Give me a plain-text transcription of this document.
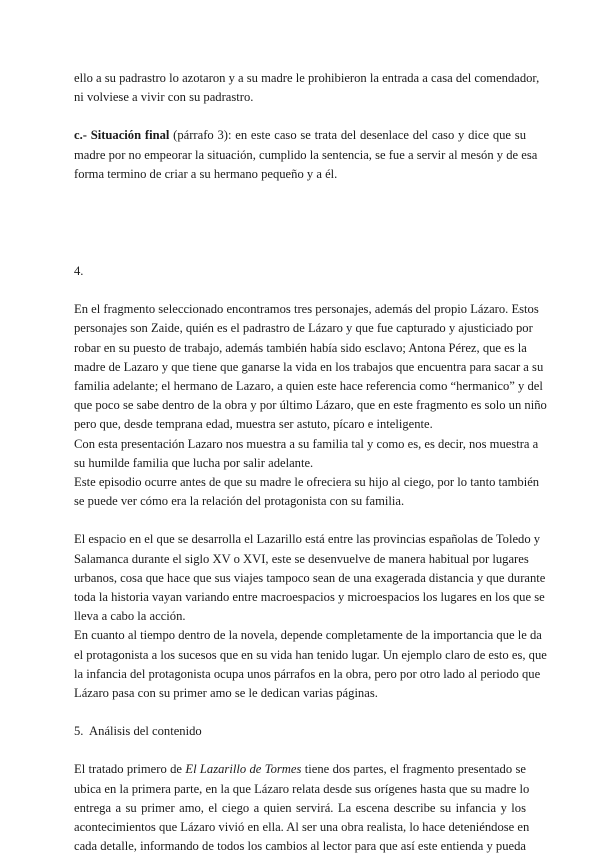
ello a su padrastro lo azotaron y a su madre le prohibieron la entrada a casa del comendador,
ni volviese a vivir con su padrastro.
c.- Situación final (párrafo 3): en este caso se trata del desenlace del caso y dice que su
madre por no empeorar la situación, cumplido la sentencia, se fue a servir al mesón y de esa
forma termino de criar a su hermano pequeño y a él.

4.

En el fragmento seleccionado encontramos tres personajes, además del propio Lázaro. Estos
personajes son Zaide, quién es el padrastro de Lázaro y que fue capturado y ajusticiado por
robar en su puesto de trabajo, además también había sido esclavo; Antona Pérez, que es la
madre de Lazaro y que tiene que ganarse la vida en los trabajos que encuentra para sacar a su
familia adelante; el hermano de Lazaro, a quien este hace referencia como “hermanico” y del
que poco se sabe dentro de la obra y por último Lázaro, que en este fragmento es solo un niño
pero que, desde temprana edad, muestra ser astuto, pícaro e inteligente.
Con esta presentación Lazaro nos muestra a su familia tal y como es, es decir, nos muestra a
su humilde familia que lucha por salir adelante.
Este episodio ocurre antes de que su madre le ofreciera su hijo al ciego, por lo tanto también
se puede ver cómo era la relación del protagonista con su familia.
El espacio en el que se desarrolla el Lazarillo está entre las provincias españolas de Toledo y
Salamanca durante el siglo XV o XVI, este se desenvuelve de manera habitual por lugares
urbanos, cosa que hace que sus viajes tampoco sean de una exagerada distancia y que durante
toda la historia vayan variando entre macroespacios y microespacios los lugares en los que se
lleva a cabo la acción.
En cuanto al tiempo dentro de la novela, depende completamente de la importancia que le da
el protagonista a los sucesos que en su vida han tenido lugar. Un ejemplo claro de esto es, que
la infancia del protagonista ocupa unos párrafos en la obra, pero por otro lado al periodo que
Lázaro pasa con su primer amo se le dedican varias páginas.

5.  Análisis del contenido

El tratado primero de El Lazarillo de Tormes tiene dos partes, el fragmento presentado se
ubica en la primera parte, en la que Lázaro relata desde sus orígenes hasta que su madre lo
entrega a su primer amo, el ciego a quien servirá. La escena describe su infancia y los
acontecimientos que Lázaro vivió en ella. Al ser una obra realista, lo hace deteniéndose en
cada detalle, informando de todos los cambios al lector para que así este entienda y pueda
